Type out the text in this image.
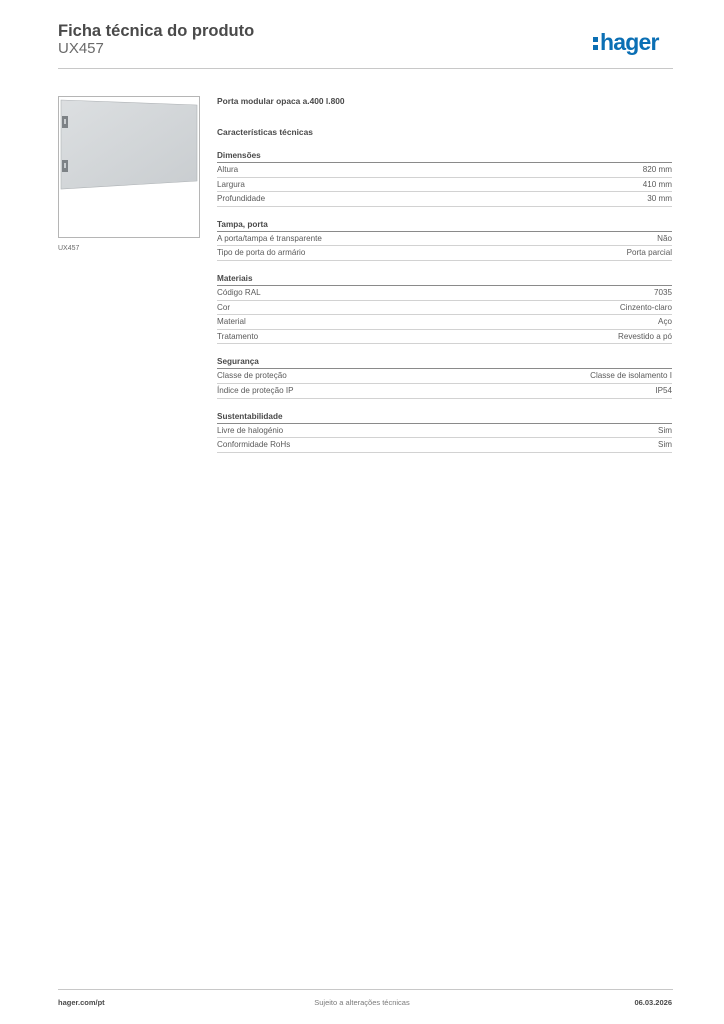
Ficha técnica do produto
UX457	hager
UX457
Porta modular opaca a.400 l.800
Características técnicas
Dimensões
Altura	820 mm
Largura	410 mm
Profundidade	30 mm
Tampa, porta
A porta/tampa é transparente	Não
Tipo de porta do armário	Porta parcial
Materiais
Código RAL	7035
Cor	Cinzento-claro
Material	Aço
Tratamento	Revestido a pó
Segurança
Classe de proteção	Classe de isolamento I
Índice de proteção IP	IP54
Sustentabilidade
Livre de halogénio	Sim
Conformidade RoHs	Sim
hager.com/pt	Sujeito a alterações técnicas	06.03.2026
